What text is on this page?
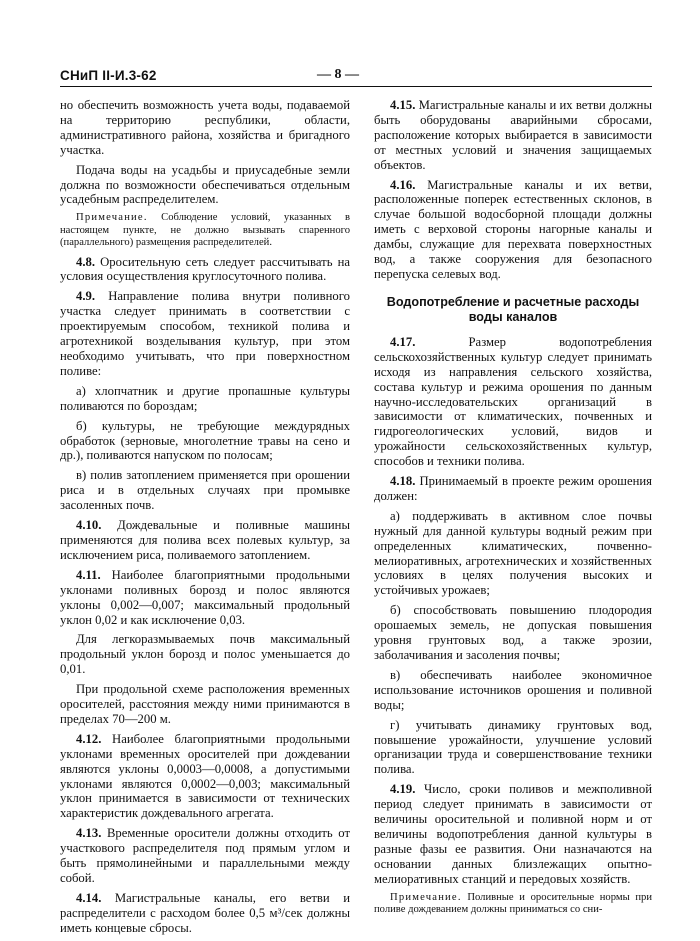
СНиП II-И.3-62	— 8 —

но обеспечить возможность учета воды, подаваемой на территорию республики, области, административного района, хозяйства и бригадного участка.

Подача воды на усадьбы и приусадебные земли должна по возможности обеспечиваться отдельным усадебным распределителем.

Примечание. Соблюдение условий, указанных в настоящем пункте, не должно вызывать спаренного (параллельного) размещения распределителей.

4.8. Оросительную сеть следует рассчитывать на условия осуществления круглосуточного полива.

4.9. Направление полива внутри поливного участка следует принимать в соответствии с проектируемым способом, техникой полива и агротехникой возделывания культур, при этом необходимо учитывать, что при поверхностном поливе:

а) хлопчатник и другие пропашные культуры поливаются по бороздам;

б) культуры, не требующие междурядных обработок (зерновые, многолетние травы на сено и др.), поливаются напуском по полосам;

в) полив затоплением применяется при орошении риса и в отдельных случаях при промывке засоленных почв.

4.10. Дождевальные и поливные машины применяются для полива всех полевых культур, за исключением риса, поливаемого затоплением.

4.11. Наиболее благоприятными продольными уклонами поливных борозд и полос являются уклоны 0,002—0,007; максимальный продольный уклон 0,02 и как исключение 0,03.

Для легкоразмываемых почв максимальный продольный уклон борозд и полос уменьшается до 0,01.

При продольной схеме расположения временных оросителей, расстояния между ними принимаются в пределах 70—200 м.

4.12. Наиболее благоприятными продольными уклонами временных оросителей при дождевании являются уклоны 0,0003—0,0008, а допустимыми уклонами являются 0,0002—0,003; максимальный уклон принимается в зависимости от технических характеристик дождевального агрегата.

4.13. Временные оросители должны отходить от участкового распределителя под прямым углом и быть прямолинейными и параллельными между собой.

4.14. Магистральные каналы, его ветви и распределители с расходом более 0,5 м³/сек должны иметь концевые сбросы.

4.15. Магистральные каналы и их ветви должны быть оборудованы аварийными сбросами, расположение которых выбирается в зависимости от местных условий и значения защищаемых объектов.

4.16. Магистральные каналы и их ветви, расположенные поперек естественных склонов, в случае большой водосборной площади должны иметь с верховой стороны нагорные каналы и дамбы, служащие для перехвата поверхностных вод, а также сооружения для безопасного перепуска селевых вод.

Водопотребление и расчетные расходы воды каналов

4.17. Размер водопотребления сельскохозяйственных культур следует принимать исходя из направления сельского хозяйства, состава культур и режима орошения по данным научно-исследовательских организаций в зависимости от климатических, почвенных и гидрогеологических условий, видов и урожайности сельскохозяйственных культур, способов и техники полива.

4.18. Принимаемый в проекте режим орошения должен:

а) поддерживать в активном слое почвы нужный для данной культуры водный режим при определенных климатических, почвенно-мелиоративных, агротехнических и хозяйственных условиях в целях получения высоких и устойчивых урожаев;

б) способствовать повышению плодородия орошаемых земель, не допуская повышения уровня грунтовых вод, а также эрозии, заболачивания и засоления почвы;

в) обеспечивать наиболее экономичное использование источников орошения и поливной воды;

г) учитывать динамику грунтовых вод, повышение урожайности, улучшение условий организации труда и совершенствование техники полива.

4.19. Число, сроки поливов и межполивной период следует принимать в зависимости от величины оросительной и поливной норм и от величины водопотребления данной культуры в разные фазы ее развития. Они назначаются на основании данных близлежащих опытно-мелиоративных станций и передовых хозяйств.

Примечание. Поливные и оросительные нормы при поливе дождеванием должны приниматься со сни-
